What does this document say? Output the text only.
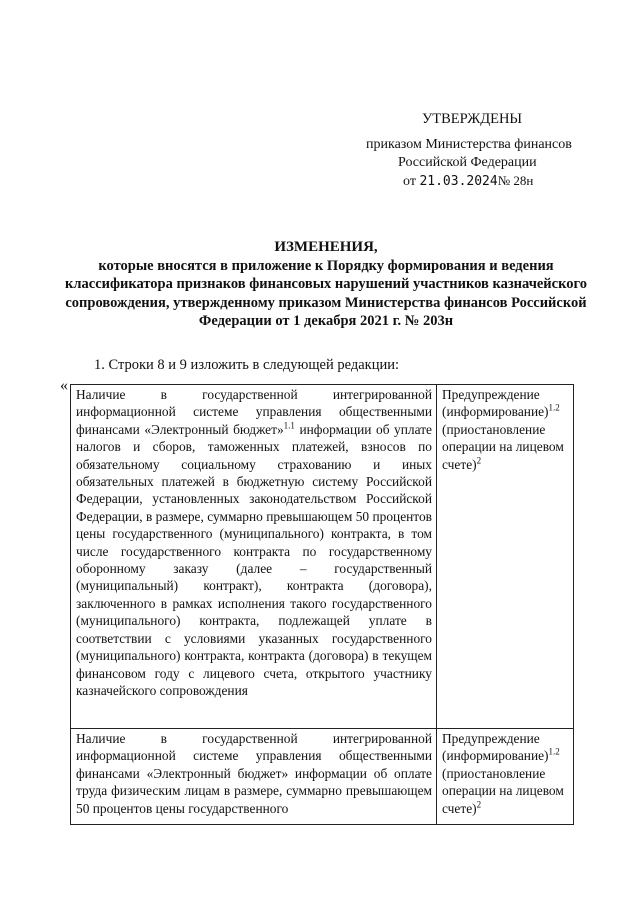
УТВЕРЖДЕНЫ
приказом Министерства финансов
Российской Федерации
от 21.03.2024№ 28н
ИЗМЕНЕНИЯ,
которые вносятся в приложение к Порядку формирования и ведения
классификатора признаков финансовых нарушений участников казначейского
сопровождения, утвержденному приказом Министерства финансов Российской
Федерации от 1 декабря 2021 г. № 203н
1. Строки 8 и 9 изложить в следующей редакции:
«
Наличие в государственной интегрированной информационной системе управления общественными финансами «Электронный бюджет»$^{1.1}$ информации об уплате налогов и сборов, таможенных платежей, взносов по обязательному социальному страхованию и иных обязательных платежей в бюджетную систему Российской Федерации, установленных законодательством Российской Федерации, в размере, суммарно превышающем 50 процентов цены государственного (муниципального) контракта, в том числе государственного контракта по государственному оборонному заказу (далее – государственный (муниципальный) контракт), контракта (договора), заключенного в рамках исполнения такого государственного (муниципального) контракта, подлежащей уплате в соответствии с условиями указанных государственного (муниципального) контракта, контракта (договора) в текущем финансовом году с лицевого счета, открытого участнику казначейского сопровождения	Предупреждение (информирование)$^{1.2}$ (приостановление операции на лицевом счете)$^2$
Наличие в государственной интегрированной информационной системе управления общественными финансами «Электронный бюджет» информации об оплате труда физическим лицам в размере, суммарно превышающем 50 процентов цены государственного	Предупреждение (информирование)$^{1.2}$ (приостановление операции на лицевом счете)$^2$
